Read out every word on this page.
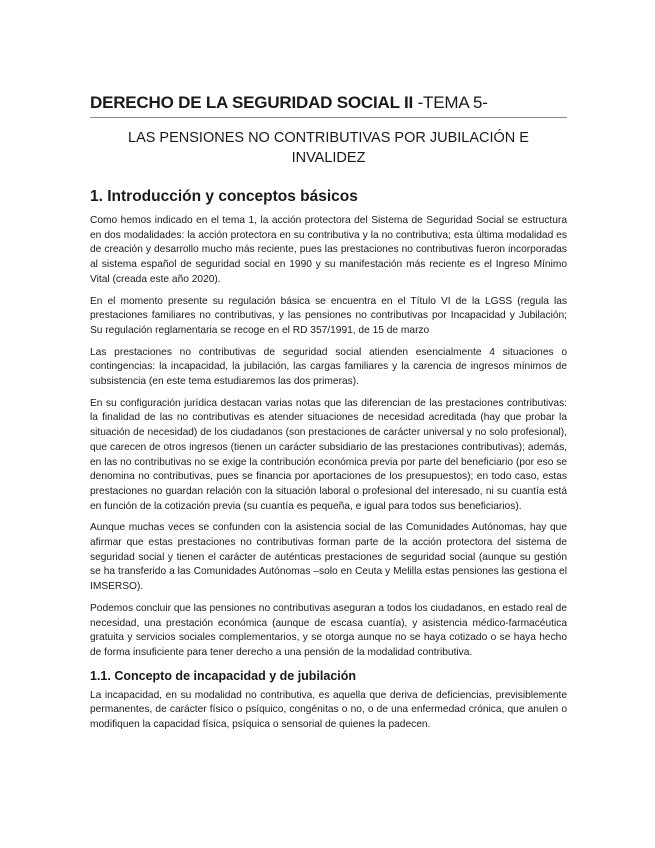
DERECHO DE LA SEGURIDAD SOCIAL II -TEMA 5-
LAS PENSIONES NO CONTRIBUTIVAS POR JUBILACIÓN E INVALIDEZ
1. Introducción y conceptos básicos

Como hemos indicado en el tema 1, la acción protectora del Sistema de Seguridad Social se estructura en dos modalidades: la acción protectora en su contributiva y la no contributiva; esta última modalidad es de creación y desarrollo mucho más reciente, pues las prestaciones no contributivas fueron incorporadas al sistema español de seguridad social en 1990 y su manifestación más reciente es el Ingreso Mínimo Vital (creada este año 2020).

En el momento presente su regulación básica se encuentra en el Título VI de la LGSS (regula las prestaciones familiares no contributivas, y las pensiones no contributivas por Incapacidad y Jubilación; Su regulación reglamentaria se recoge en el RD 357/1991, de 15 de marzo

Las prestaciones no contributivas de seguridad social atienden esencialmente 4 situaciones o contingencias: la incapacidad, la jubilación, las cargas familiares y la carencia de ingresos mínimos de subsistencia (en este tema estudiaremos las dos primeras).

En su configuración jurídica destacan varias notas que las diferencian de las prestaciones contributivas: la finalidad de las no contributivas es atender situaciones de necesidad acreditada (hay que probar la situación de necesidad) de los ciudadanos (son prestaciones de carácter universal y no solo profesional), que carecen de otros ingresos (tienen un carácter subsidiario de las prestaciones contributivas); además, en las no contributivas no se exige la contribución económica previa por parte del beneficiario (por eso se denomina no contributivas, pues se financia por aportaciones de los presupuestos); en todo caso, estas prestaciones no guardan relación con la situación laboral o profesional del interesado, ni su cuantía está en función de la cotización previa (su cuantía es pequeña, e igual para todos sus beneficiarios).

Aunque muchas veces se confunden con la asistencia social de las Comunidades Autónomas, hay que afirmar que estas prestaciones no contributivas forman parte de la acción protectora del sistema de seguridad social y tienen el carácter de auténticas prestaciones de seguridad social (aunque su gestión se ha transferido a las Comunidades Autónomas –solo en Ceuta y Melilla estas pensiones las gestiona el IMSERSO).

Podemos concluir que las pensiones no contributivas aseguran a todos los ciudadanos, en estado real de necesidad, una prestación económica (aunque de escasa cuantía), y asistencia médico-farmacéutica gratuita y servicios sociales complementarios, y se otorga aunque no se haya cotizado o se haya hecho de forma insuficiente para tener derecho a una pensión de la modalidad contributiva.

1.1. Concepto de incapacidad y de jubilación

La incapacidad, en su modalidad no contributiva, es aquella que deriva de deficiencias, previsiblemente permanentes, de carácter físico o psíquico, congénitas o no, o de una enfermedad crónica, que anulen o modifiquen la capacidad física, psíquica o sensorial de quienes la padecen.
